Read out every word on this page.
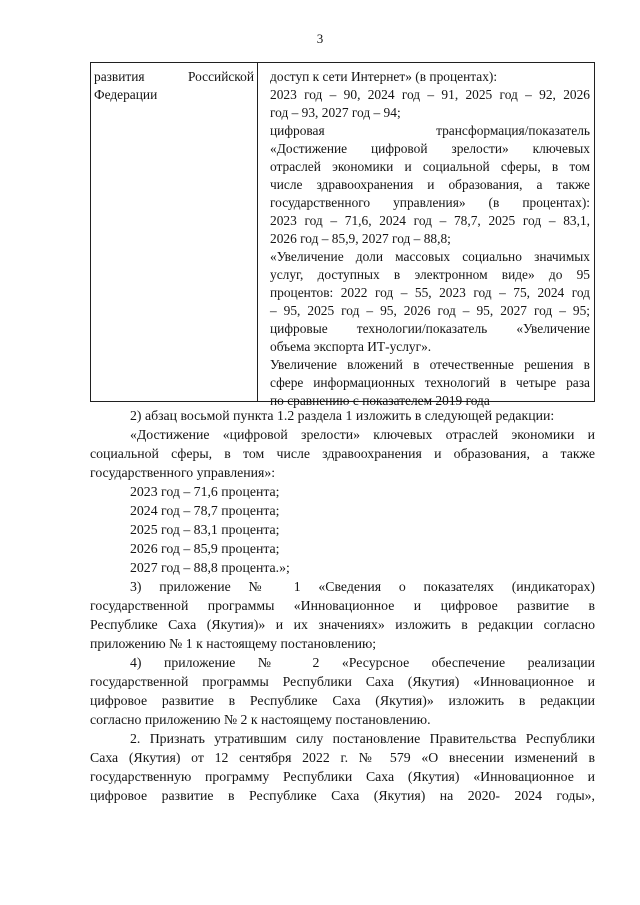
3
развития Российской
Федерации
доступ к сети Интернет» (в процентах):
2023 год – 90, 2024 год – 91, 2025 год – 92, 2026
год – 93, 2027 год – 94;
цифровая трансформация/показатель
«Достижение цифровой зрелости» ключевых
отраслей экономики и социальной сферы, в том
числе здравоохранения и образования, а также
государственного управления» (в процентах):
2023 год – 71,6, 2024 год – 78,7, 2025 год – 83,1,
2026 год – 85,9, 2027 год – 88,8;
«Увеличение доли массовых социально значимых
услуг, доступных в электронном виде» до 95
процентов: 2022 год – 55, 2023 год – 75, 2024 год
– 95, 2025 год – 95, 2026 год – 95, 2027 год – 95;
цифровые технологии/показатель «Увеличение
объема экспорта ИТ-услуг».
Увеличение вложений в отечественные решения в
сфере информационных технологий в четыре раза
по сравнению с показателем 2019 года
2) абзац восьмой пункта 1.2 раздела 1 изложить в следующей редакции:
«Достижение «цифровой зрелости» ключевых отраслей экономики и
социальной сферы, в том числе здравоохранения и образования, а также
государственного управления»:
2023 год – 71,6 процента;
2024 год – 78,7 процента;
2025 год – 83,1 процента;
2026 год – 85,9 процента;
2027 год – 88,8 процента.»;
3) приложение № 1 «Сведения о показателях (индикаторах)
государственной программы «Инновационное и цифровое развитие в
Республике Саха (Якутия)» и их значениях» изложить в редакции согласно
приложению № 1 к настоящему постановлению;
4) приложение № 2 «Ресурсное обеспечение реализации
государственной программы Республики Саха (Якутия) «Инновационное и
цифровое развитие в Республике Саха (Якутия)» изложить в редакции
согласно приложению № 2 к настоящему постановлению.
2. Признать утратившим силу постановление Правительства Республики
Саха (Якутия) от 12 сентября 2022 г. № 579 «О внесении изменений в
государственную программу Республики Саха (Якутия) «Инновационное и
цифровое развитие в Республике Саха (Якутия) на 2020- 2024 годы»,
